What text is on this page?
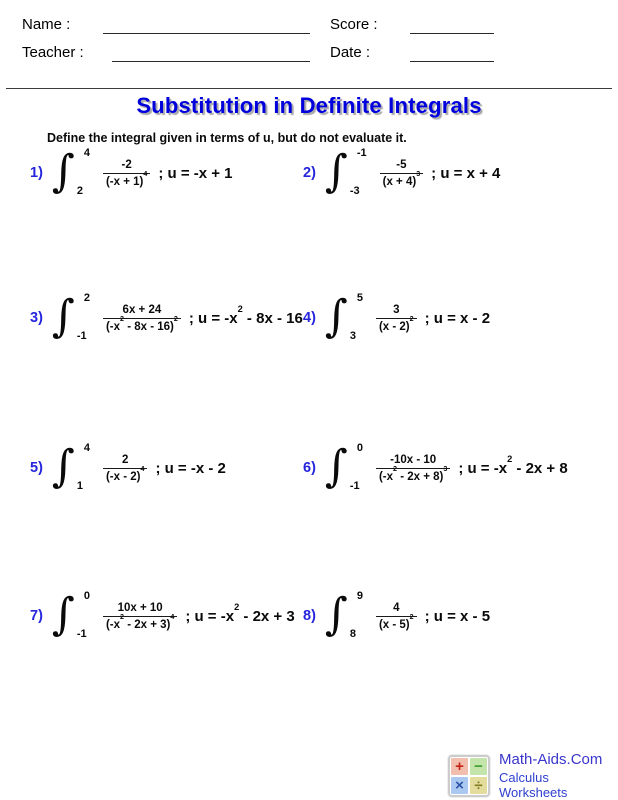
Name :	Score :
Teacher :	Date :
Substitution in Definite Integrals
Define the integral given in terms of u, but do not evaluate it.
1) ∫ 4
2
$\frac{-2}{(-x + 1)^4}$ ; u = -x + 1	2) ∫ -1
-3
$\frac{-5}{(x + 4)^3}$ ; u = x + 4
3) ∫ 2
-1
$\frac{6x + 24}{(-x^2 - 8x - 16)^2}$ ; $u = -x^2 - 8x - 16$ 4) ∫ 5
3
$\frac{3}{(x - 2)^2}$ ; u = x - 2
5) ∫ 4
1
$\frac{2}{(-x - 2)^4}$ ; u = -x - 2	6) ∫ 0
-1
$\frac{-10x - 10}{(-x^2 - 2x + 8)^3}$ ; $u = -x^2 - 2x + 8$
7) ∫ 0
-1
$\frac{10x + 10}{(-x^2 - 2x + 3)^4}$ ; $u = -x^2 - 2x + 3$ 8) ∫ 9
8
$\frac{4}{(x - 5)^2}$ ; u = x - 5
+ −
× ÷
Math-Aids.Com
Calculus Worksheets
